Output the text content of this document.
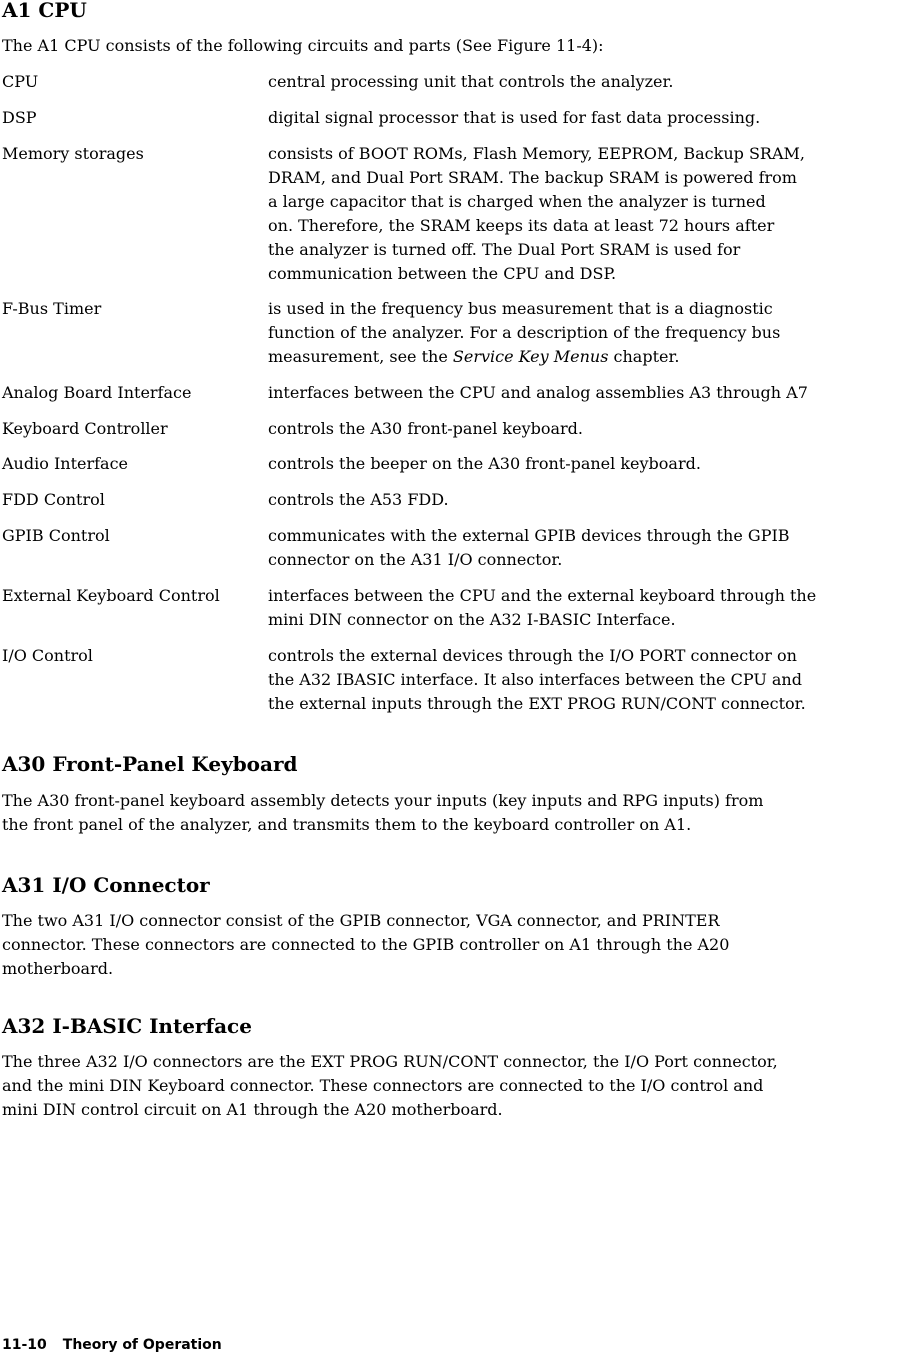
A1 CPU

The A1 CPU consists of the following circuits and parts (See Figure 11-4):

CPU	central processing unit that controls the analyzer.
DSP	digital signal processor that is used for fast data processing.
Memory storages	consists of BOOT ROMs, Flash Memory, EEPROM, Backup SRAM,
DRAM, and Dual Port SRAM. The backup SRAM is powered from
a large capacitor that is charged when the analyzer is turned
on. Therefore, the SRAM keeps its data at least 72 hours after
the analyzer is turned off. The Dual Port SRAM is used for
communication between the CPU and DSP.
F-Bus Timer	is used in the frequency bus measurement that is a diagnostic
function of the analyzer. For a description of the frequency bus
measurement, see the Service Key Menus chapter.
Analog Board Interface	interfaces between the CPU and analog assemblies A3 through A7
Keyboard Controller	controls the A30 front-panel keyboard.
Audio Interface	controls the beeper on the A30 front-panel keyboard.
FDD Control	controls the A53 FDD.
GPIB Control	communicates with the external GPIB devices through the GPIB
connector on the A31 I/O connector.
External Keyboard Control	interfaces between the CPU and the external keyboard through the
mini DIN connector on the A32 I-BASIC Interface.
I/O Control	controls the external devices through the I/O PORT connector on
the A32 IBASIC interface. It also interfaces between the CPU and
the external inputs through the EXT PROG RUN/CONT connector.
A30 Front-Panel Keyboard
The A30 front-panel keyboard assembly detects your inputs (key inputs and RPG inputs) from
the front panel of the analyzer, and transmits them to the keyboard controller on A1.
A31 I/O Connector
The two A31 I/O connector consist of the GPIB connector, VGA connector, and PRINTER
connector. These connectors are connected to the GPIB controller on A1 through the A20
motherboard.
A32 I-BASIC Interface
The three A32 I/O connectors are the EXT PROG RUN/CONT connector, the I/O Port connector,
and the mini DIN Keyboard connector. These connectors are connected to the I/O control and
mini DIN control circuit on A1 through the A20 motherboard.
11-10 Theory of Operation
